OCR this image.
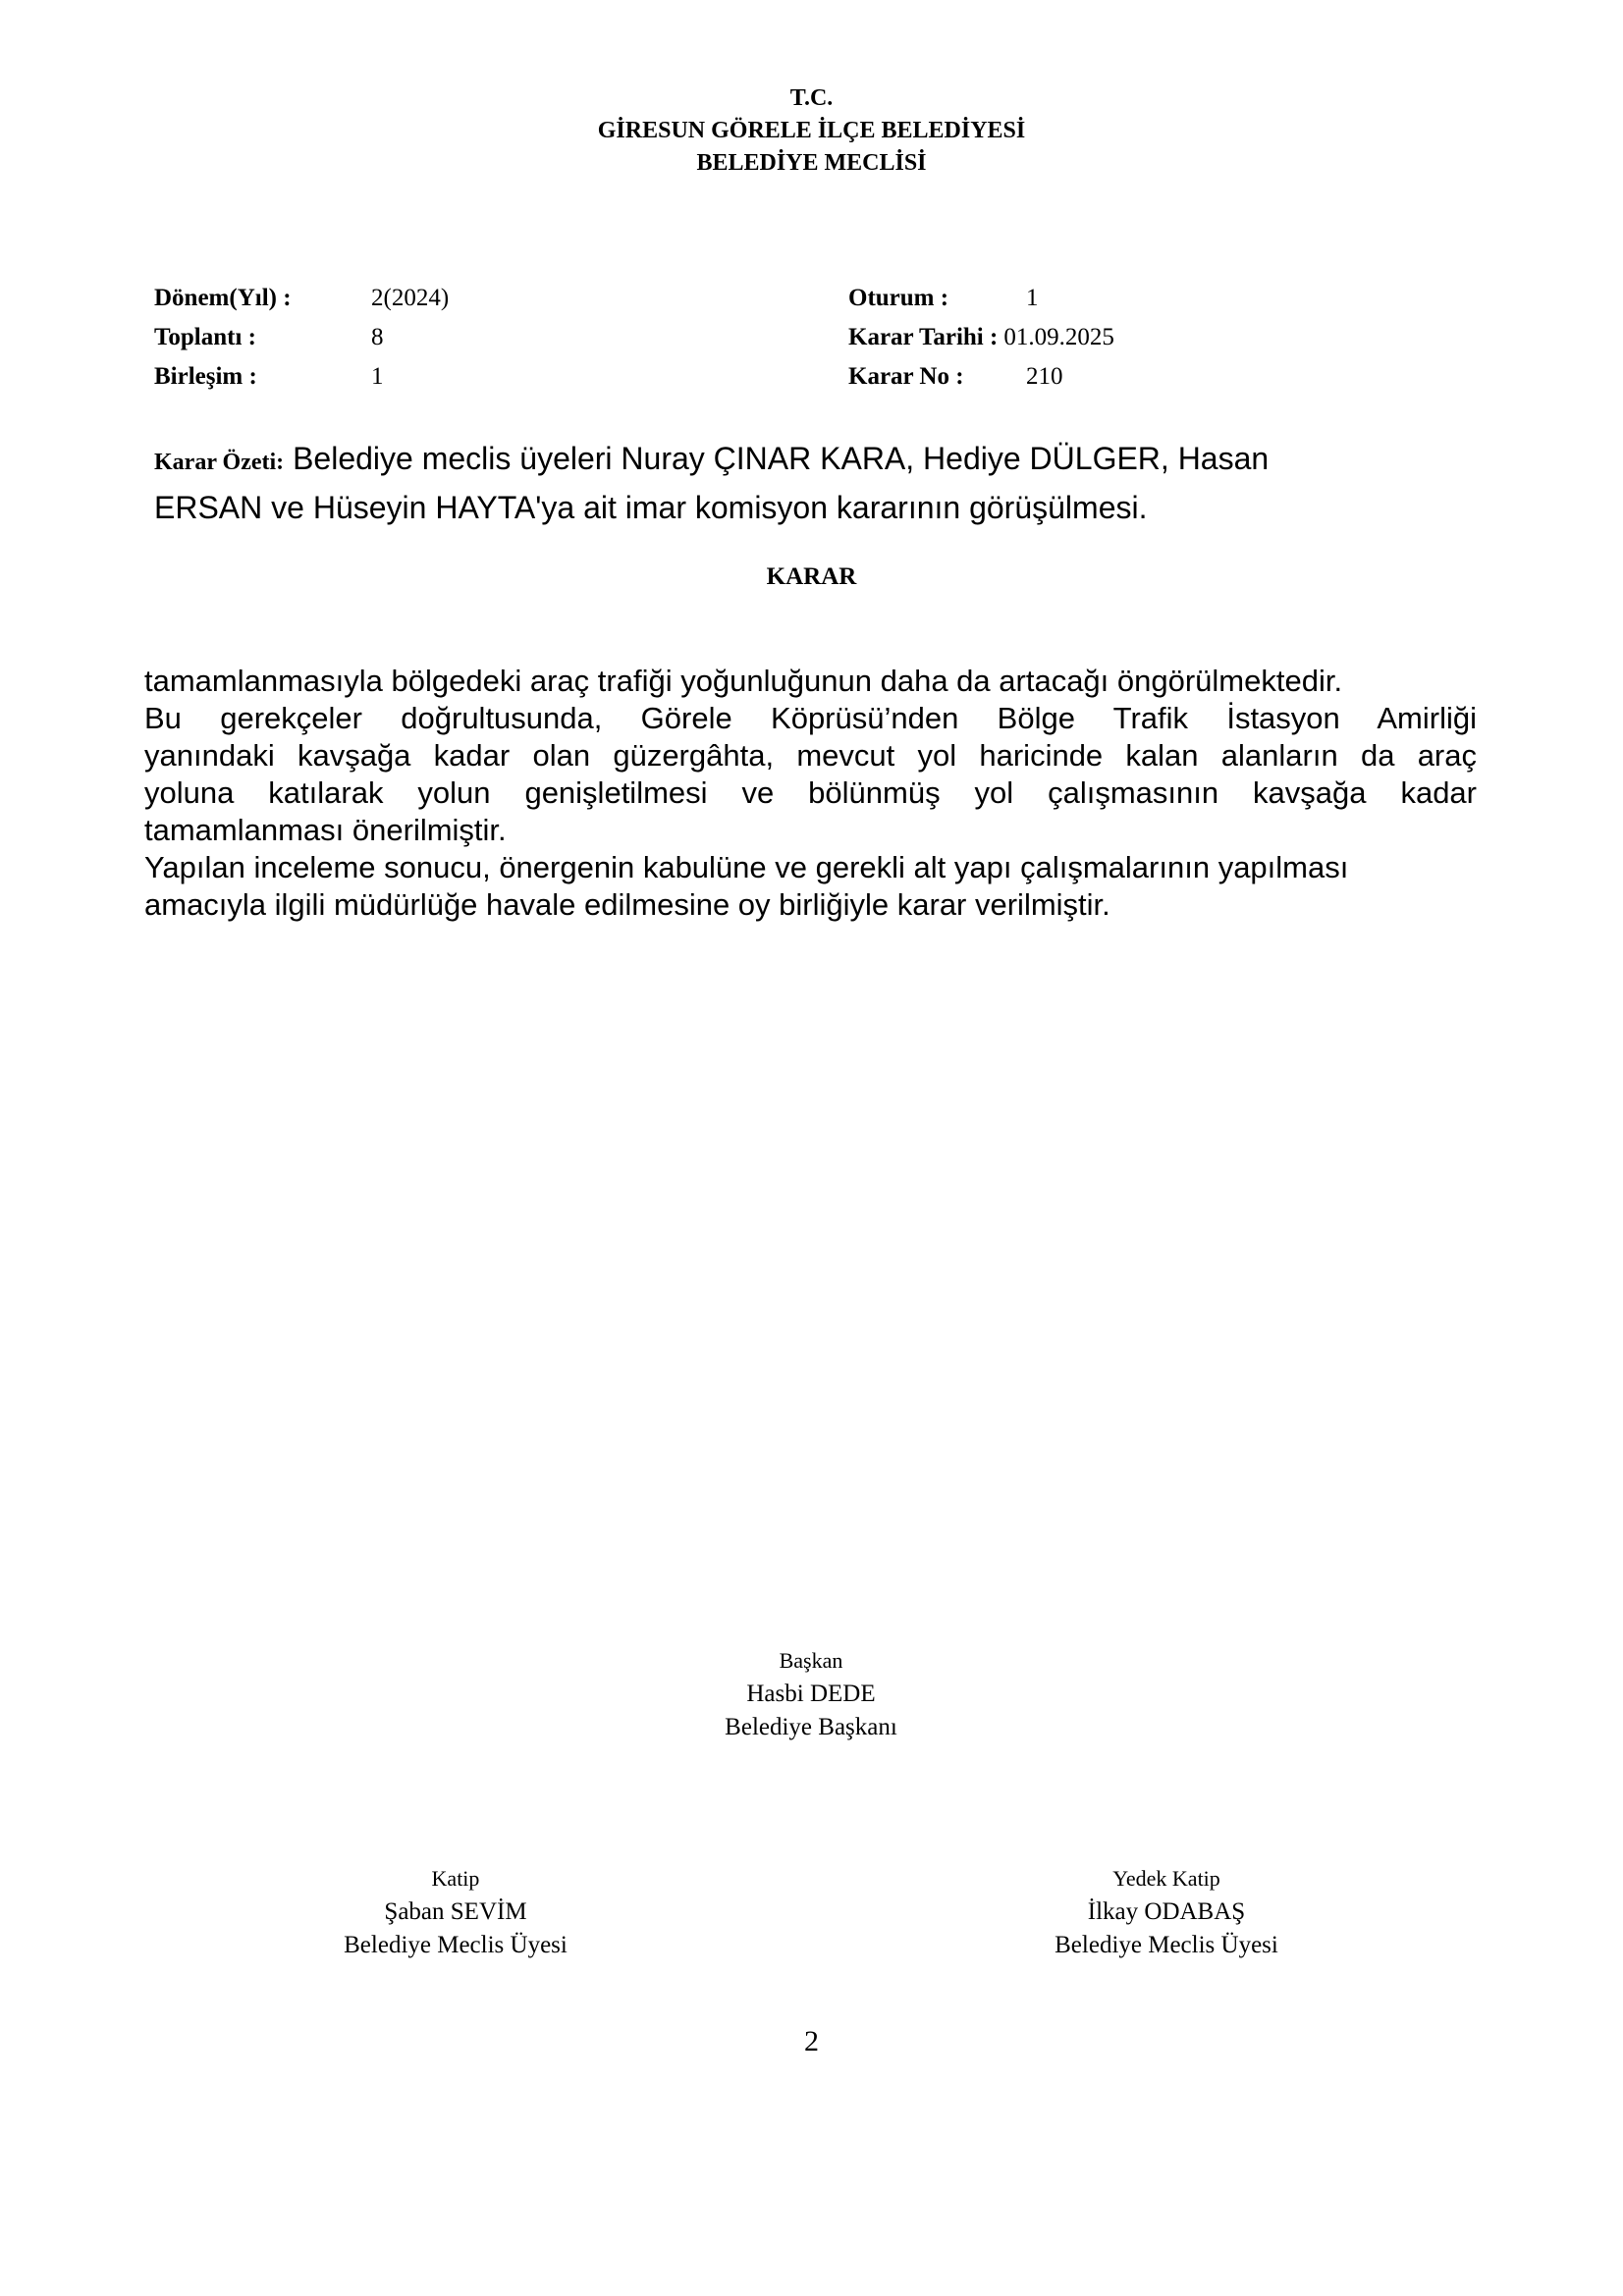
T.C.
GİRESUN GÖRELE İLÇE BELEDİYESİ
BELEDİYE MECLİSİ
Dönem(Yıl) :	2(2024)
Toplantı :	8
Birleşim :	1
Oturum :	1
Karar Tarihi : 01.09.2025
Karar No :	210
Karar Özeti: Belediye meclis üyeleri Nuray ÇINAR KARA, Hediye DÜLGER, Hasan
ERSAN ve Hüseyin HAYTA'ya ait imar komisyon kararının görüşülmesi.
KARAR
tamamlanmasıyla bölgedeki araç trafiği yoğunluğunun daha da artacağı öngörülmektedir.
Bu gerekçeler doğrultusunda, Görele Köprüsü’nden Bölge Trafik İstasyon Amirliği
yanındaki kavşağa kadar olan güzergâhta, mevcut yol haricinde kalan alanların da araç
yoluna katılarak yolun genişletilmesi ve bölünmüş yol çalışmasının kavşağa kadar
tamamlanması önerilmiştir.
Yapılan inceleme sonucu, önergenin kabulüne ve gerekli alt yapı çalışmalarının yapılması
amacıyla ilgili müdürlüğe havale edilmesine oy birliğiyle karar verilmiştir.
Başkan
Hasbi DEDE
Belediye Başkanı
Katip
Şaban SEVİM
Belediye Meclis Üyesi
Yedek Katip
İlkay ODABAŞ
Belediye Meclis Üyesi
2
